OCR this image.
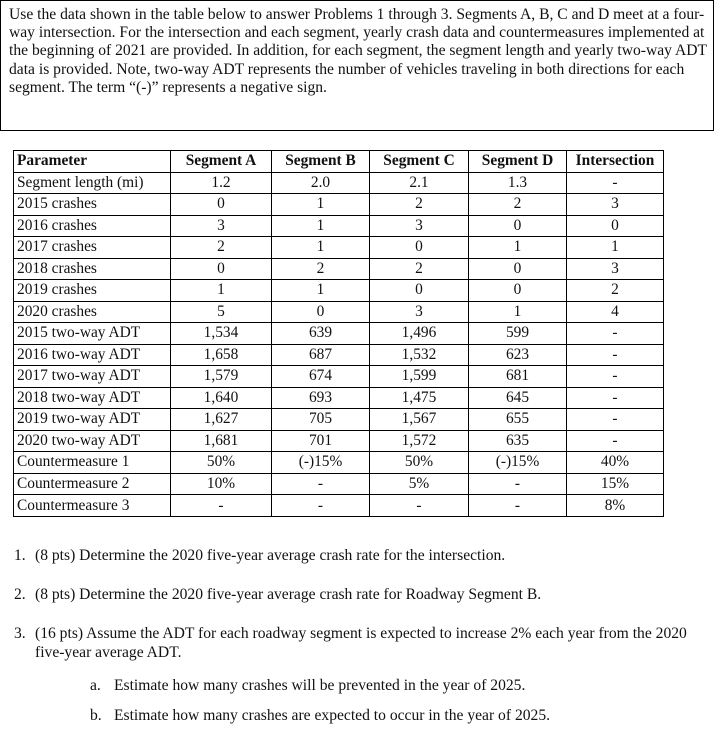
Use the data shown in the table below to answer Problems 1 through 3. Segments A, B, C and D meet at a four-way intersection. For the intersection and each segment, yearly crash data and countermeasures implemented at the beginning of 2021 are provided. In addition, for each segment, the segment length and yearly two-way ADT data is provided. Note, two-way ADT represents the number of vehicles traveling in both directions for each segment. The term “(-)” represents a negative sign.

Parameter	Segment A	Segment B	Segment C	Segment D	Intersection
Segment length (mi)	1.2	2.0	2.1	1.3	-
2015 crashes	0	1	2	2	3
2016 crashes	3	1	3	0	0
2017 crashes	2	1	0	1	1
2018 crashes	0	2	2	0	3
2019 crashes	1	1	0	0	2
2020 crashes	5	0	3	1	4
2015 two-way ADT	1,534	639	1,496	599	-
2016 two-way ADT	1,658	687	1,532	623	-
2017 two-way ADT	1,579	674	1,599	681	-
2018 two-way ADT	1,640	693	1,475	645	-
2019 two-way ADT	1,627	705	1,567	655	-
2020 two-way ADT	1,681	701	1,572	635	-
Countermeasure 1	50%	(-)15%	50%	(-)15%	40%
Countermeasure 2	10%	-	5%	-	15%
Countermeasure 3	-	-	-	-	8%
1. (8 pts) Determine the 2020 five-year average crash rate for the intersection.
2. (8 pts) Determine the 2020 five-year average crash rate for Roadway Segment B.
3. (16 pts) Assume the ADT for each roadway segment is expected to increase 2% each year from the 2020 five-year average ADT.
a. Estimate how many crashes will be prevented in the year of 2025.
b. Estimate how many crashes are expected to occur in the year of 2025.
